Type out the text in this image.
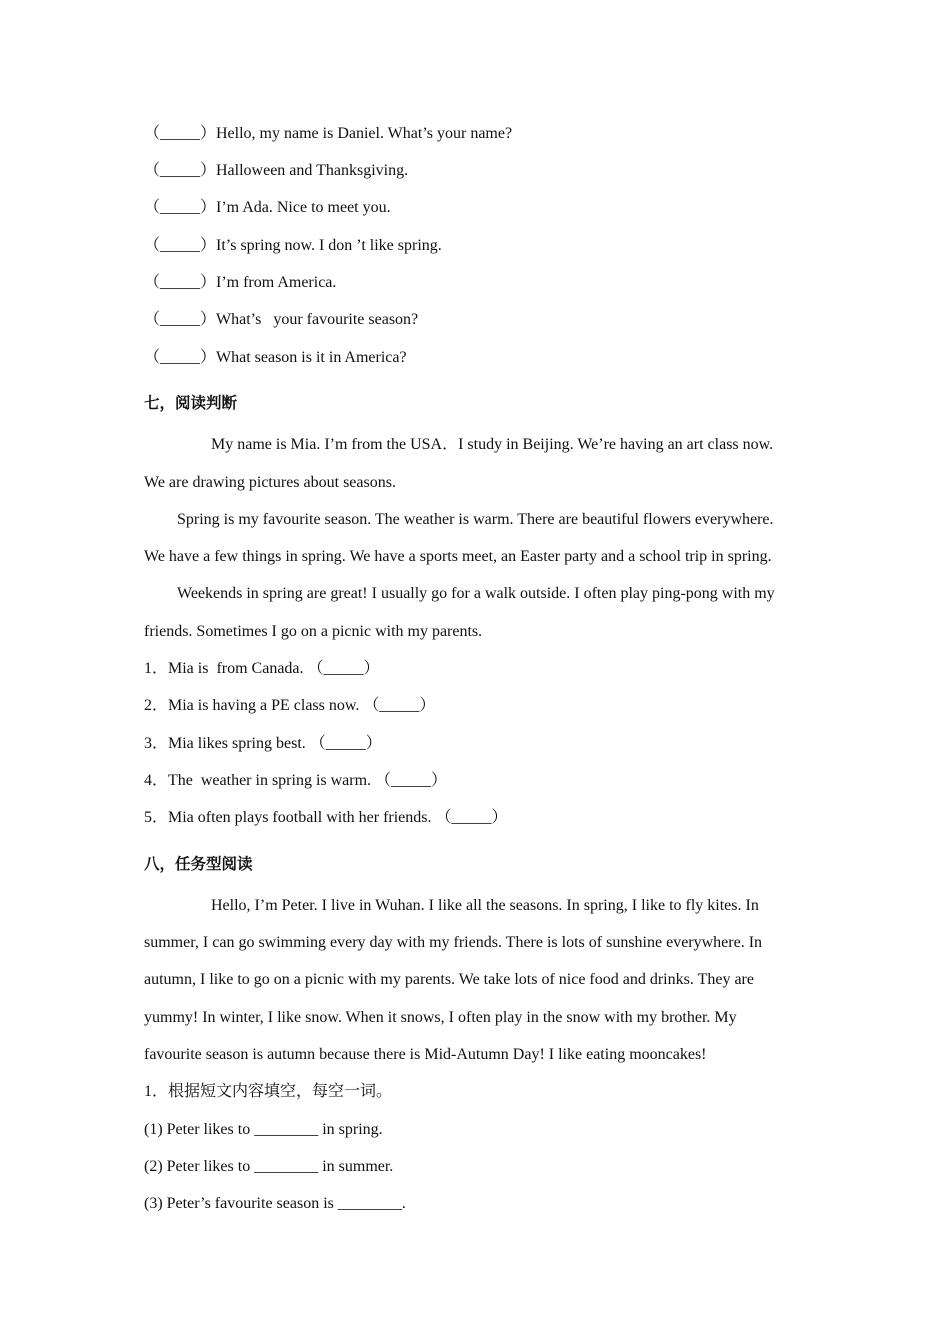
（_____）Hello, my name is Daniel. What’s your name?
（_____）Halloween and Thanksgiving.
（_____）I’m Ada. Nice to meet you.
（_____）It’s spring now. I don ’t like spring.
（_____）I’m from America.
（_____）What’s   your favourite season?
（_____）What season is it in America?
七，阅读判断
My name is Mia. I’m from the USA．I study in Beijing. We’re having an art class now.
We are drawing pictures about seasons.
Spring is my favourite season. The weather is warm. There are beautiful flowers everywhere.
We have a few things in spring. We have a sports meet, an Easter party and a school trip in spring.
Weekends in spring are great! I usually go for a walk outside. I often play ping-pong with my
friends. Sometimes I go on a picnic with my parents.
1．Mia is  from Canada. （_____）
2．Mia is having a PE class now. （_____）
3．Mia likes spring best. （_____）
4．The  weather in spring is warm. （_____）
5．Mia often plays football with her friends. （_____）
八，任务型阅读
Hello, I’m Peter. I live in Wuhan. I like all the seasons. In spring, I like to fly kites. In
summer, I can go swimming every day with my friends. There is lots of sunshine everywhere. In
autumn, I like to go on a picnic with my parents. We take lots of nice food and drinks. They are
yummy! In winter, I like snow. When it snows, I often play in the snow with my brother. My
favourite season is autumn because there is Mid-Autumn Day! I like eating mooncakes!
1．根据短文内容填空，每空一词。
(1) Peter likes to ________ in spring.
(2) Peter likes to ________ in summer.
(3) Peter’s favourite season is ________.
